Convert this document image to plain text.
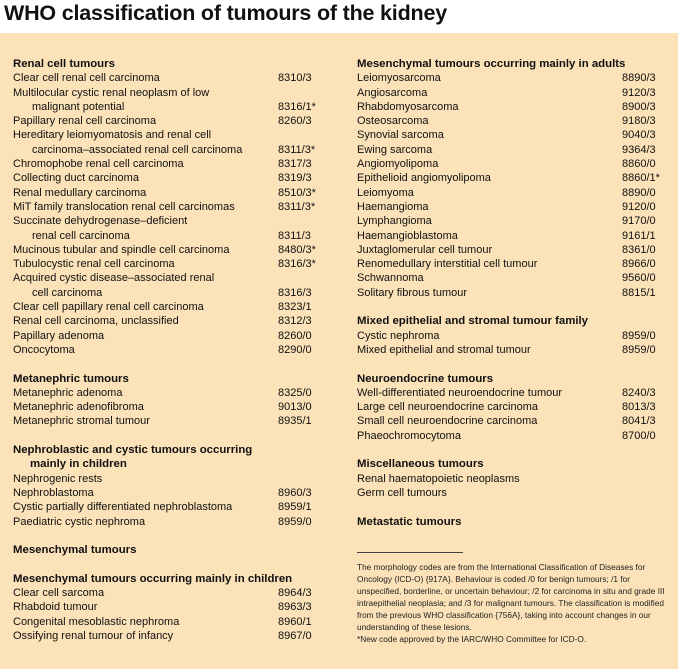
WHO classification of tumours of the kidney
Renal cell tumours
Clear cell renal cell carcinoma	8310/3
Multilocular cystic renal neoplasm of low
malignant potential	8316/1*
Papillary renal cell carcinoma	8260/3
Hereditary leiomyomatosis and renal cell
carcinoma–associated renal cell carcinoma	8311/3*
Chromophobe renal cell carcinoma	8317/3
Collecting duct carcinoma	8319/3
Renal medullary carcinoma	8510/3*
MiT family translocation renal cell carcinomas	8311/3*
Succinate dehydrogenase–deficient
renal cell carcinoma	8311/3
Mucinous tubular and spindle cell carcinoma	8480/3*
Tubulocystic renal cell carcinoma	8316/3*
Acquired cystic disease–associated renal
cell carcinoma	8316/3
Clear cell papillary renal cell carcinoma	8323/1
Renal cell carcinoma, unclassified	8312/3
Papillary adenoma	8260/0
Oncocytoma	8290/0
Metanephric tumours
Metanephric adenoma	8325/0
Metanephric adenofibroma	9013/0
Metanephric stromal tumour	8935/1
Nephroblastic and cystic tumours occurring
mainly in children
Nephrogenic rests
Nephroblastoma	8960/3
Cystic partially differentiated nephroblastoma	8959/1
Paediatric cystic nephroma	8959/0
Mesenchymal tumours
Mesenchymal tumours occurring mainly in children
Clear cell sarcoma	8964/3
Rhabdoid tumour	8963/3
Congenital mesoblastic nephroma	8960/1
Ossifying renal tumour of infancy	8967/0
Mesenchymal tumours occurring mainly in adults
Leiomyosarcoma	8890/3
Angiosarcoma	9120/3
Rhabdomyosarcoma	8900/3
Osteosarcoma	9180/3
Synovial sarcoma	9040/3
Ewing sarcoma	9364/3
Angiomyolipoma	8860/0
Epithelioid angiomyolipoma	8860/1*
Leiomyoma	8890/0
Haemangioma	9120/0
Lymphangioma	9170/0
Haemangioblastoma	9161/1
Juxtaglomerular cell tumour	8361/0
Renomedullary interstitial cell tumour	8966/0
Schwannoma	9560/0
Solitary fibrous tumour	8815/1
Mixed epithelial and stromal tumour family
Cystic nephroma	8959/0
Mixed epithelial and stromal tumour	8959/0
Neuroendocrine tumours
Well-differentiated neuroendocrine tumour	8240/3
Large cell neuroendocrine carcinoma	8013/3
Small cell neuroendocrine carcinoma	8041/3
Phaeochromocytoma	8700/0
Miscellaneous tumours
Renal haematopoietic neoplasms
Germ cell tumours
Metastatic tumours

The morphology codes are from the International Classification of Diseases for Oncology (ICD-O) {917A}. Behaviour is coded /0 for benign tumours; /1 for unspecified, borderline, or uncertain behaviour; /2 for carcinoma in situ and grade III intraepithelial neoplasia; and /3 for malignant tumours. The classification is modified from the previous WHO classification {756A}, taking into account changes in our understanding of these lesions.

*New code approved by the IARC/WHO Committee for ICD-O.
